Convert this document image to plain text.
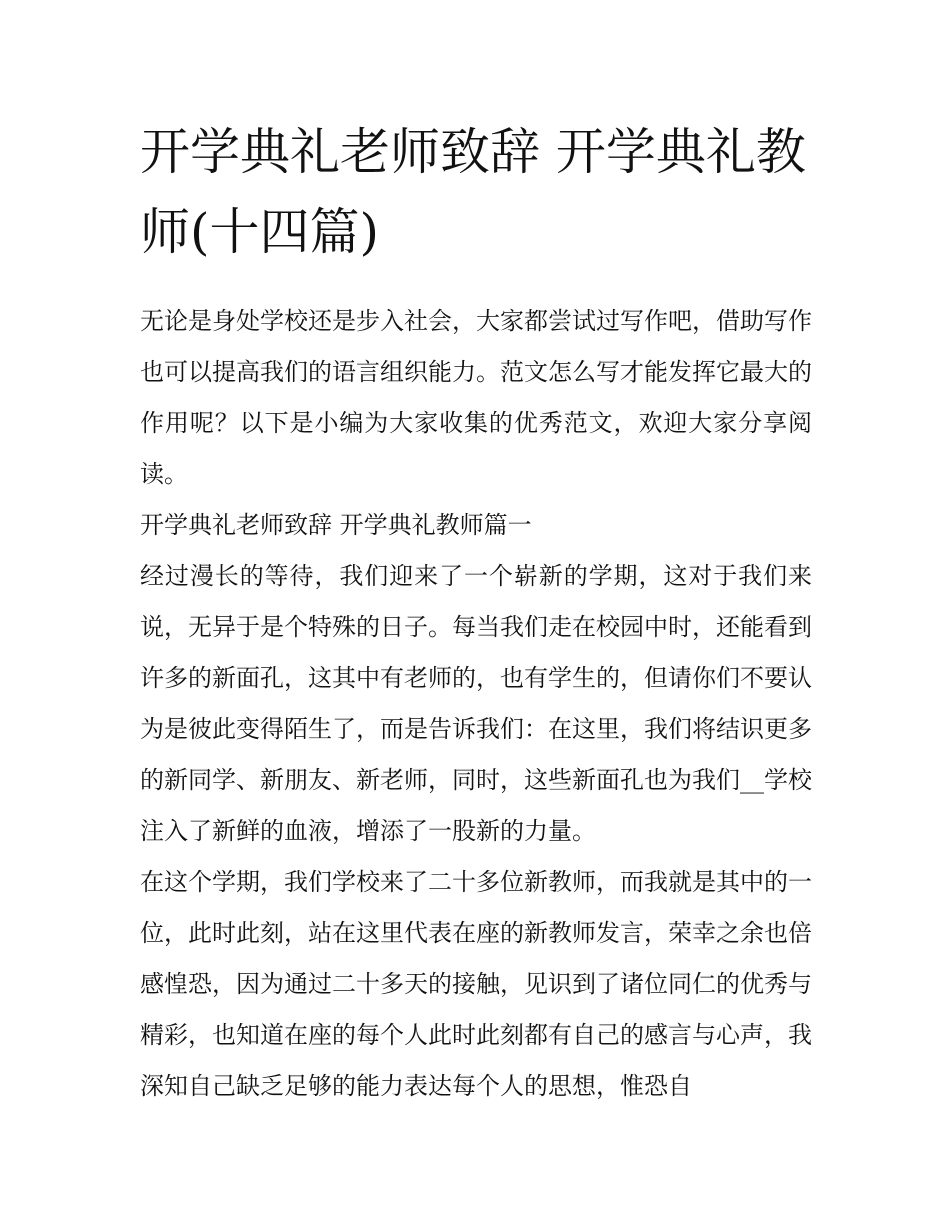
开学典礼老师致辞 开学典礼教师(十四篇)

无论是身处学校还是步入社会，大家都尝试过写作吧，借助写作也可以提高我们的语言组织能力。范文怎么写才能发挥它最大的作用呢？以下是小编为大家收集的优秀范文，欢迎大家分享阅读。

开学典礼老师致辞 开学典礼教师篇一

经过漫长的等待，我们迎来了一个崭新的学期，这对于我们来说，无异于是个特殊的日子。每当我们走在校园中时，还能看到许多的新面孔，这其中有老师的，也有学生的，但请你们不要认为是彼此变得陌生了，而是告诉我们：在这里，我们将结识更多的新同学、新朋友、新老师，同时，这些新面孔也为我们__学校注入了新鲜的血液，增添了一股新的力量。

在这个学期，我们学校来了二十多位新教师，而我就是其中的一位，此时此刻，站在这里代表在座的新教师发言，荣幸之余也倍感惶恐，因为通过二十多天的接触，见识到了诸位同仁的优秀与精彩，也知道在座的每个人此时此刻都有自己的感言与心声，我深知自己缺乏足够的能力表达每个人的思想，惟恐自
